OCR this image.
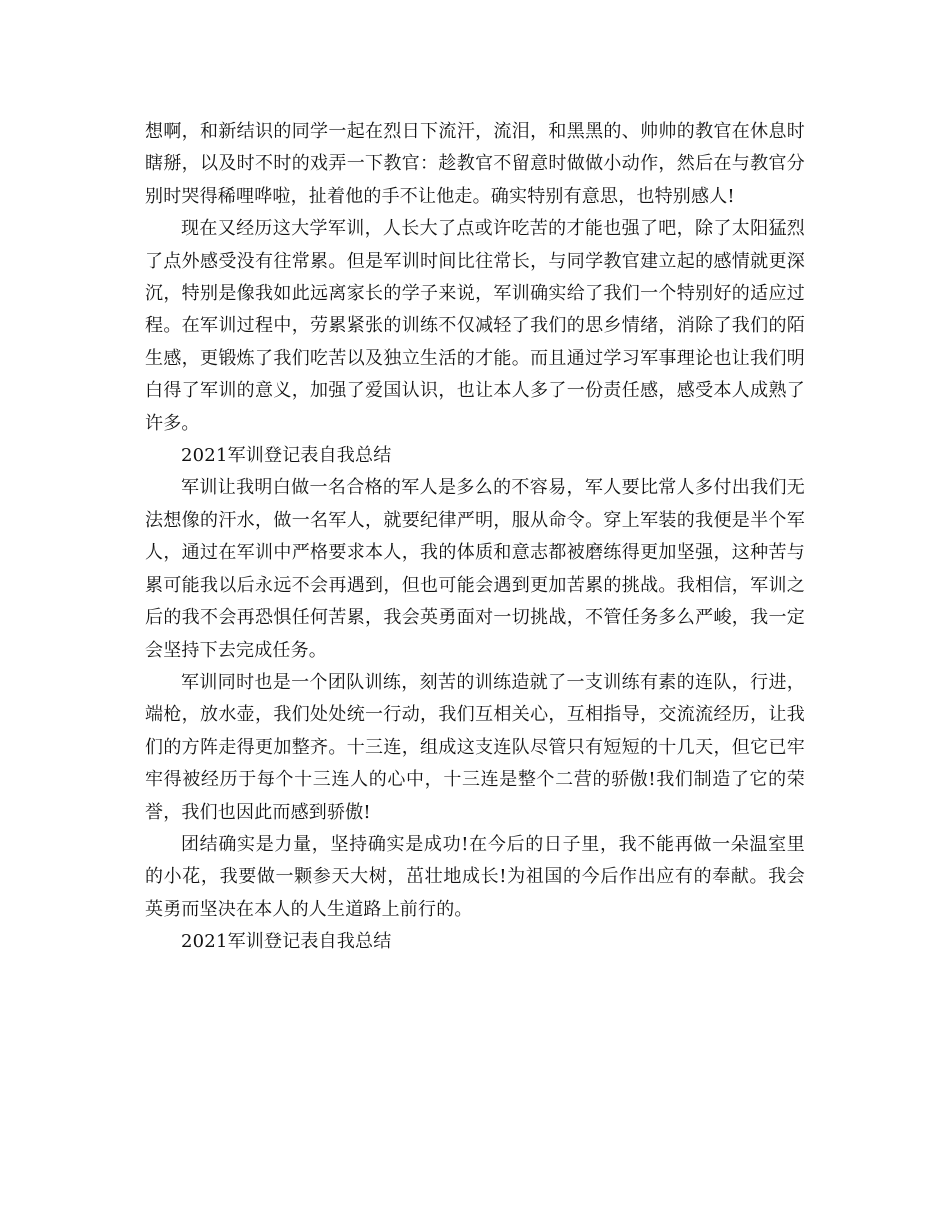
想啊，和新结识的同学一起在烈日下流汗，流泪，和黑黑的、帅帅的教官在休息时瞎掰，以及时不时的戏弄一下教官：趁教官不留意时做做小动作，然后在与教官分别时哭得稀哩哗啦，扯着他的手不让他走。确实特别有意思，也特别感人!

现在又经历这大学军训，人长大了点或许吃苦的才能也强了吧，除了太阳猛烈了点外感受没有往常累。但是军训时间比往常长，与同学教官建立起的感情就更深沉，特别是像我如此远离家长的学子来说，军训确实给了我们一个特别好的适应过程。在军训过程中，劳累紧张的训练不仅减轻了我们的思乡情绪，消除了我们的陌生感，更锻炼了我们吃苦以及独立生活的才能。而且通过学习军事理论也让我们明白得了军训的意义，加强了爱国认识，也让本人多了一份责任感，感受本人成熟了许多。

2021军训登记表自我总结

军训让我明白做一名合格的军人是多么的不容易，军人要比常人多付出我们无法想像的汗水，做一名军人，就要纪律严明，服从命令。穿上军装的我便是半个军人，通过在军训中严格要求本人，我的体质和意志都被磨练得更加坚强，这种苦与累可能我以后永远不会再遇到，但也可能会遇到更加苦累的挑战。我相信，军训之后的我不会再恐惧任何苦累，我会英勇面对一切挑战，不管任务多么严峻，我一定会坚持下去完成任务。

军训同时也是一个团队训练，刻苦的训练造就了一支训练有素的连队，行进，端枪，放水壶，我们处处统一行动，我们互相关心，互相指导，交流流经历，让我们的方阵走得更加整齐。十三连，组成这支连队尽管只有短短的十几天，但它已牢牢得被经历于每个十三连人的心中，十三连是整个二营的骄傲!我们制造了它的荣誉，我们也因此而感到骄傲!

团结确实是力量，坚持确实是成功!在今后的日子里，我不能再做一朵温室里的小花，我要做一颗参天大树，茁壮地成长!为祖国的今后作出应有的奉献。我会英勇而坚决在本人的人生道路上前行的。

2021军训登记表自我总结
